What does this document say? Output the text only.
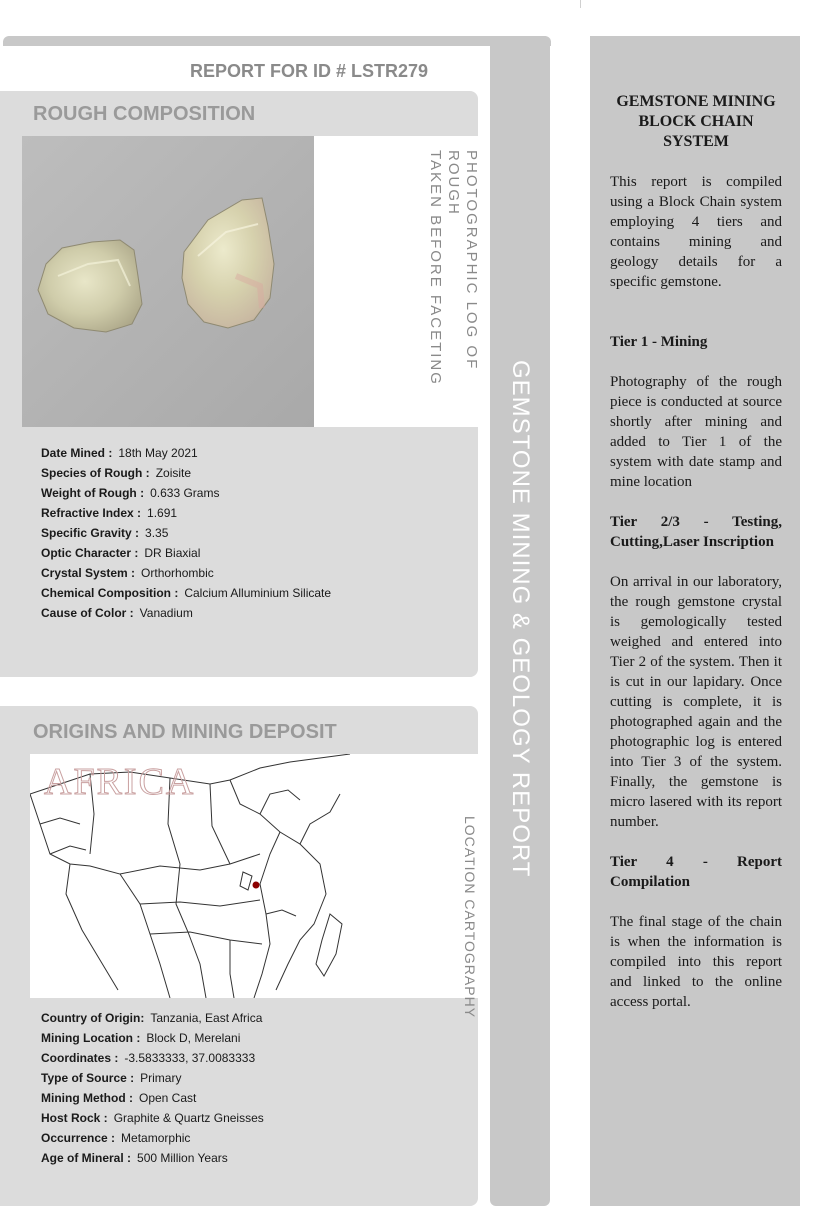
GEMSTONE MINING & GEOLOGY REPORT
REPORT FOR ID # LSTR279
ROUGH COMPOSITION
PHOTOGRAPHIC LOG OF ROUGH
TAKEN BEFORE FACETING
Date Mined : 18th May 2021
Species of Rough : Zoisite
Weight of Rough : 0.633 Grams
Refractive Index : 1.691
Specific Gravity : 3.35
Optic Character : DR Biaxial
Crystal System : Orthorhombic
Chemical Composition : Calcium Alluminium Silicate
Cause of Color : Vanadium
ORIGINS AND MINING DEPOSIT
AFRICA
LOCATION CARTOGRAPHY
Country of Origin: Tanzania, East Africa
Mining Location : Block D, Merelani
Coordinates : -3.5833333, 37.0083333
Type of Source : Primary
Mining Method : Open Cast
Host Rock : Graphite & Quartz Gneisses
Occurrence : Metamorphic
Age of Mineral : 500 Million Years
GEMSTONE MINING BLOCK CHAIN SYSTEM

This report is compiled using a Block Chain system employing 4 tiers and contains mining and geology details for a specific gemstone.

Tier 1 - Mining

Photography of the rough piece is conducted at source shortly after mining and added to Tier 1 of the system with date stamp and mine location

Tier 2/3 - Testing, Cutting,Laser Inscription

On arrival in our laboratory, the rough gemstone crystal is gemologically tested weighed and entered into Tier 2 of the system. Then it is cut in our lapidary. Once cutting is complete, it is photographed again and the photographic log is entered into Tier 3 of the system. Finally, the gemstone is micro lasered with its report number.

Tier 4 - Report Compilation

The final stage of the chain is when the information is compiled into this report and linked to the online access portal.
